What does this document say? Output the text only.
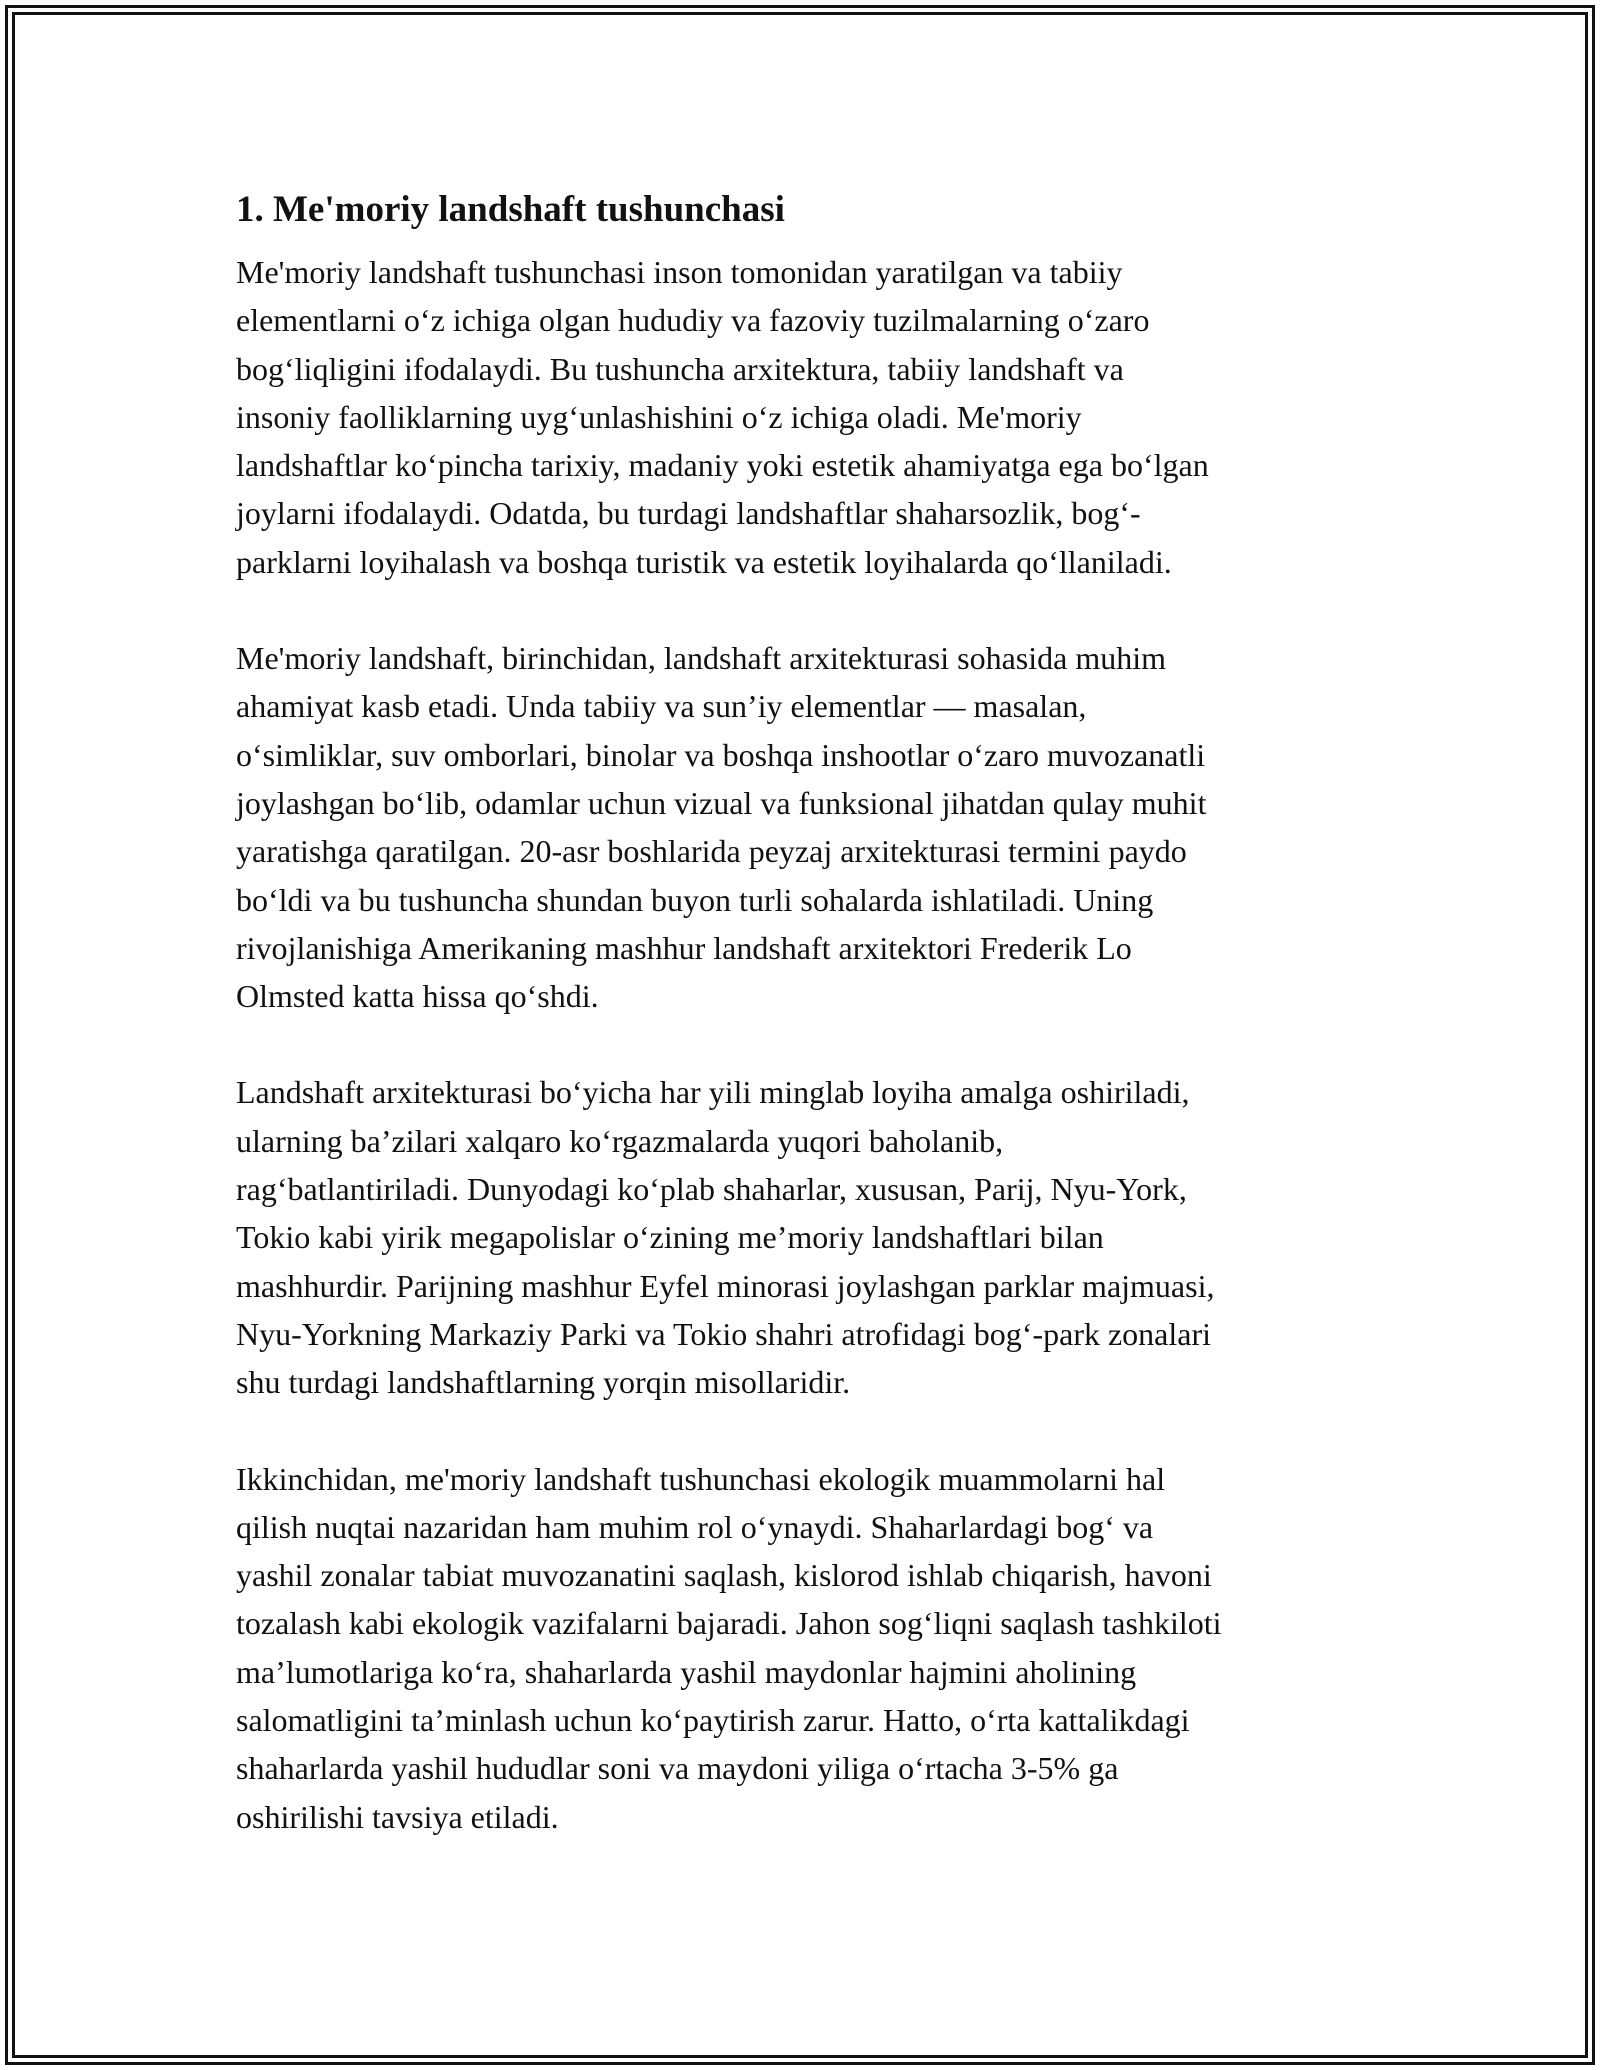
1. Me'moriy landshaft tushunchasi

Me'moriy landshaft tushunchasi inson tomonidan yaratilgan va tabiiy
elementlarni o‘z ichiga olgan hududiy va fazoviy tuzilmalarning o‘zaro
bog‘liqligini ifodalaydi. Bu tushuncha arxitektura, tabiiy landshaft va
insoniy faolliklarning uyg‘unlashishini o‘z ichiga oladi. Me'moriy
landshaftlar ko‘pincha tarixiy, madaniy yoki estetik ahamiyatga ega bo‘lgan
joylarni ifodalaydi. Odatda, bu turdagi landshaftlar shaharsozlik, bog‘-
parklarni loyihalash va boshqa turistik va estetik loyihalarda qo‘llaniladi.

Me'moriy landshaft, birinchidan, landshaft arxitekturasi sohasida muhim
ahamiyat kasb etadi. Unda tabiiy va sun’iy elementlar — masalan,
o‘simliklar, suv omborlari, binolar va boshqa inshootlar o‘zaro muvozanatli
joylashgan bo‘lib, odamlar uchun vizual va funksional jihatdan qulay muhit
yaratishga qaratilgan. 20-asr boshlarida peyzaj arxitekturasi termini paydo
bo‘ldi va bu tushuncha shundan buyon turli sohalarda ishlatiladi. Uning
rivojlanishiga Amerikaning mashhur landshaft arxitektori Frederik Lo
Olmsted katta hissa qo‘shdi.

Landshaft arxitekturasi bo‘yicha har yili minglab loyiha amalga oshiriladi,
ularning ba’zilari xalqaro ko‘rgazmalarda yuqori baholanib,
rag‘batlantiriladi. Dunyodagi ko‘plab shaharlar, xususan, Parij, Nyu-York,
Tokio kabi yirik megapolislar o‘zining me’moriy landshaftlari bilan
mashhurdir. Parijning mashhur Eyfel minorasi joylashgan parklar majmuasi,
Nyu-Yorkning Markaziy Parki va Tokio shahri atrofidagi bog‘-park zonalari
shu turdagi landshaftlarning yorqin misollaridir.

Ikkinchidan, me'moriy landshaft tushunchasi ekologik muammolarni hal
qilish nuqtai nazaridan ham muhim rol o‘ynaydi. Shaharlardagi bog‘ va
yashil zonalar tabiat muvozanatini saqlash, kislorod ishlab chiqarish, havoni
tozalash kabi ekologik vazifalarni bajaradi. Jahon sog‘liqni saqlash tashkiloti
ma’lumotlariga ko‘ra, shaharlarda yashil maydonlar hajmini aholining
salomatligini ta’minlash uchun ko‘paytirish zarur. Hatto, o‘rta kattalikdagi
shaharlarda yashil hududlar soni va maydoni yiliga o‘rtacha 3-5% ga
oshirilishi tavsiya etiladi.
